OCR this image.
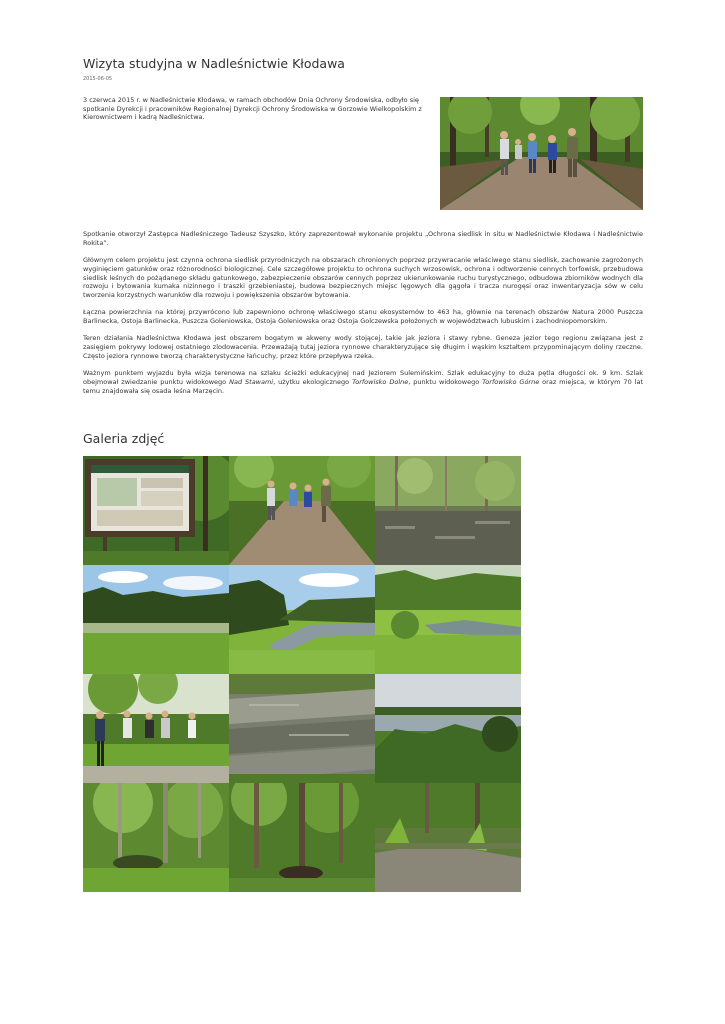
Wizyta studyjna w Nadleśnictwie Kłodawa
2015-06-05
3 czerwca 2015 r. w Nadleśnictwie Kłodawa, w ramach obchodów Dnia Ochrony Środowiska, odbyło się spotkanie Dyrekcji i pracowników Regionalnej Dyrekcji Ochrony Środowiska w Gorzowie Wielkopolskim z Kierownictwem i kadrą Nadleśnictwa.

Spotkanie otworzył Zastępca Nadleśniczego Tadeusz Szyszko, który zaprezentował wykonanie projektu „Ochrona siedlisk in situ w Nadleśnictwie Kłodawa i Nadleśnictwie Rokita”.

Głównym celem projektu jest czynna ochrona siedlisk przyrodniczych na obszarach chronionych poprzez przywracanie właściwego stanu siedlisk, zachowanie zagrożonych wyginięciem gatunków oraz różnorodności biologicznej. Cele szczegółowe projektu to ochrona suchych wrzosowisk, ochrona i odtworzenie cennych torfowisk, przebudowa siedlisk leśnych do pożądanego składu gatunkowego, zabezpieczenie obszarów cennych poprzez ukierunkowanie ruchu turystycznego, odbudowa zbiorników wodnych dla rozwoju i bytowania kumaka nizinnego i traszki grzebieniastej, budowa bezpiecznych miejsc lęgowych dla gągoła i tracza nurogęsi oraz inwentaryzacja sów w celu tworzenia korzystnych warunków dla rozwoju i powiększenia obszarów bytowania.

Łączna powierzchnia na której przywrócono lub zapewniono ochronę właściwego stanu ekosystemów to 463 ha, głównie na terenach obszarów Natura 2000 Puszcza Barlinecka, Ostoja Barlinecka, Puszcza Goleniowska, Ostoja Goleniowska oraz Ostoja Golczewska położonych w województwach lubuskim i zachodniopomorskim.

Teren działania Nadleśnictwa Kłodawa jest obszarem bogatym w akweny wody stojącej, takie jak jeziora i stawy rybne. Geneza jezior tego regionu związana jest z zasięgiem pokrywy lodowej ostatniego zlodowacenia. Przeważają tutaj jeziora rynnowe charakteryzujące się długim i wąskim kształtem przypominającym doliny rzeczne. Często jeziora rynnowe tworzą charakterystyczne łańcuchy, przez które przepływa rzeka.

Ważnym punktem wyjazdu była wizja terenowa na szlaku ścieżki edukacyjnej nad Jeziorem Sulemińskim. Szlak edukacyjny to duża pętla długości ok. 9 km. Szlak obejmował zwiedzanie punktu widokowego Nad Stawami, użytku ekologicznego Torfowisko Dolne, punktu widokowego Torfowisko Górne oraz miejsca, w którym 70 lat temu znajdowała się osada leśna Marzęcin.

Galeria zdjęć
